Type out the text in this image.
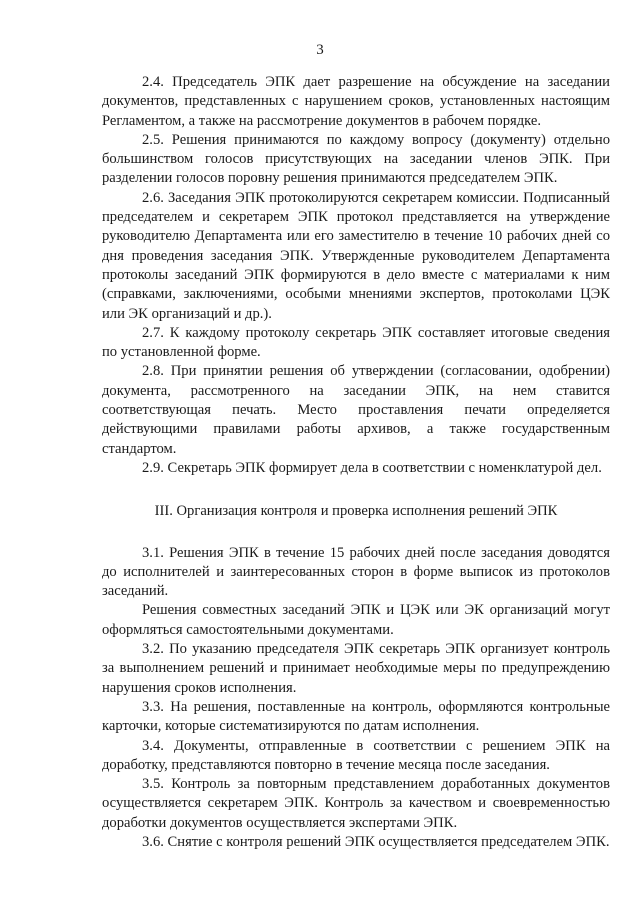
3

2.4. Председатель ЭПК дает разрешение на обсуждение на заседании документов, представленных с нарушением сроков, установленных настоящим Регламентом, а также на рассмотрение документов в рабочем порядке.

2.5. Решения принимаются по каждому вопросу (документу) отдельно большинством голосов присутствующих на заседании членов ЭПК. При разделении голосов поровну решения принимаются председателем ЭПК.

2.6. Заседания ЭПК протоколируются секретарем комиссии. Подписанный председателем и секретарем ЭПК протокол представляется на утверждение руководителю Департамента или его заместителю в течение 10 рабочих дней со дня проведения заседания ЭПК. Утвержденные руководителем Департамента протоколы заседаний ЭПК формируются в дело вместе с материалами к ним (справками, заключениями, особыми мнениями экспертов, протоколами ЦЭК или ЭК организаций и др.).

2.7. К каждому протоколу секретарь ЭПК составляет итоговые сведения по установленной форме.

2.8. При принятии решения об утверждении (согласовании, одобрении) документа, рассмотренного на заседании ЭПК, на нем ставится соответствующая печать. Место проставления печати определяется действующими правилами работы архивов, а также государственным стандартом.

2.9. Секретарь ЭПК формирует дела в соответствии с номенклатурой дел.

III. Организация контроля и проверка исполнения решений ЭПК

3.1. Решения ЭПК в течение 15 рабочих дней после заседания доводятся до исполнителей и заинтересованных сторон в форме выписок из протоколов заседаний.

Решения совместных заседаний ЭПК и ЦЭК или ЭК организаций могут оформляться самостоятельными документами.

3.2. По указанию председателя ЭПК секретарь ЭПК организует контроль за выполнением решений и принимает необходимые меры по предупреждению нарушения сроков исполнения.

3.3. На решения, поставленные на контроль, оформляются контрольные карточки, которые систематизируются по датам исполнения.

3.4. Документы, отправленные в соответствии с решением ЭПК на доработку, представляются повторно в течение месяца после заседания.

3.5. Контроль за повторным представлением доработанных документов осуществляется секретарем ЭПК. Контроль за качеством и своевременностью доработки документов осуществляется экспертами ЭПК.

3.6. Снятие с контроля решений ЭПК осуществляется председателем ЭПК.
